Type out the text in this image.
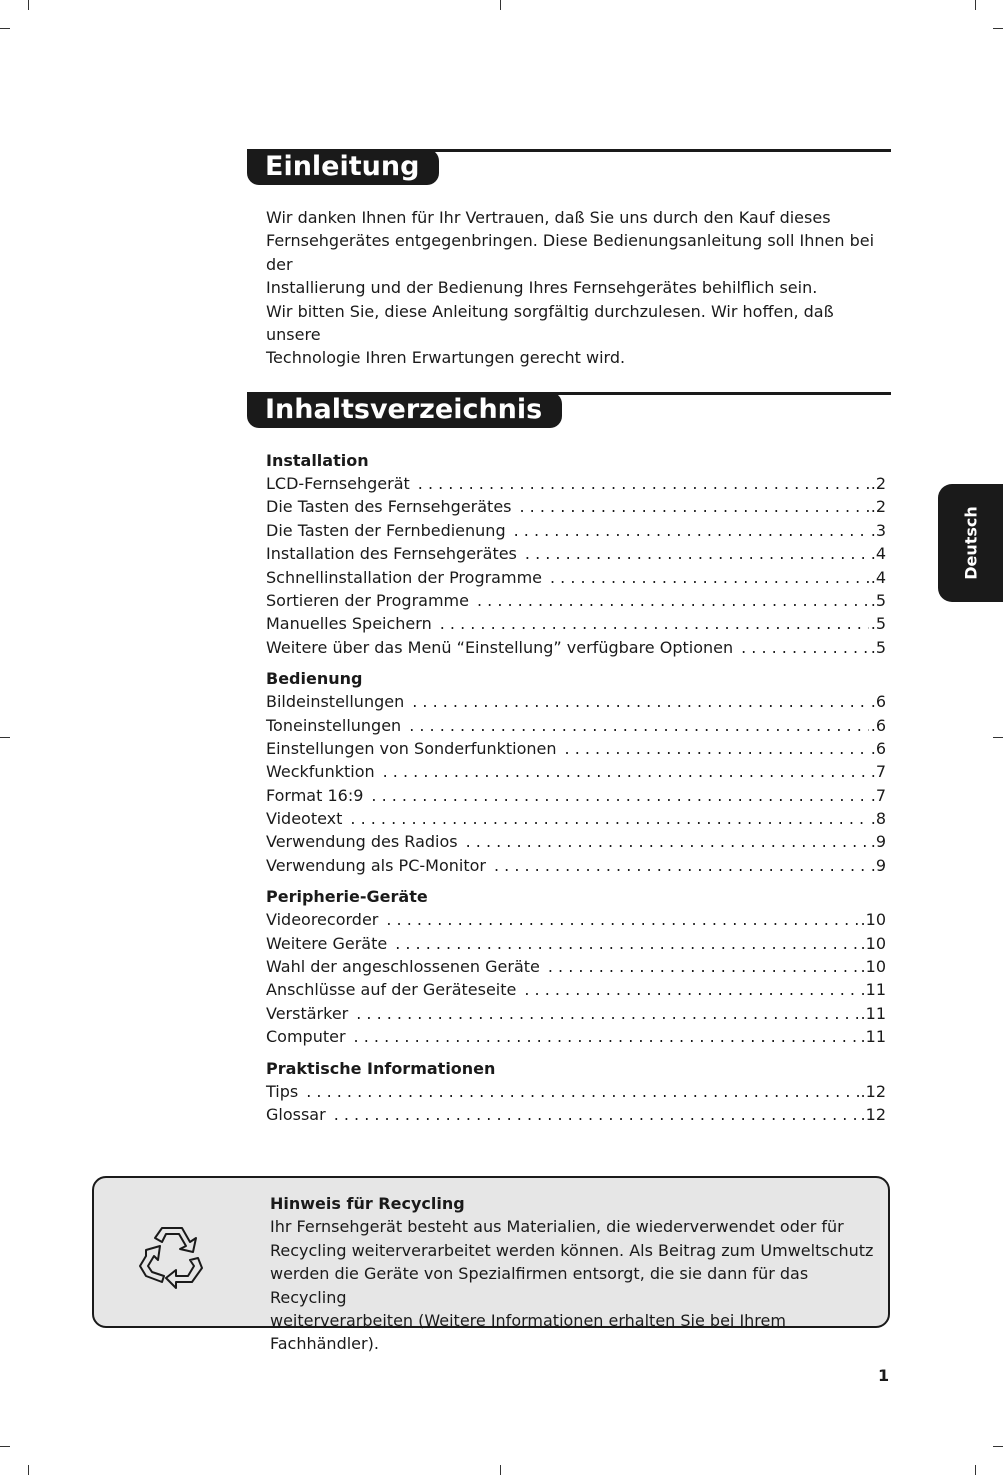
Einleitung

Wir danken Ihnen für Ihr Vertrauen, daß Sie uns durch den Kauf dieses

Fernsehgerätes entgegenbringen. Diese Bedienungsanleitung soll Ihnen bei der

Installierung und der Bedienung Ihres Fernsehgerätes behilflich sein.

Wir bitten Sie, diese Anleitung sorgfältig durchzulesen. Wir hoffen, daß unsere

Technologie Ihren Erwartungen gerecht wird.

Inhaltsverzeichnis
Installation
LCD-Fernsehgerät . . .	.2
Die Tasten des Fernsehgerätes . . .	.2
Die Tasten der Fernbedienung . . .	.3
Installation des Fernsehgerätes . . .	.4
Schnellinstallation der Programme . . .	.4
Sortieren der Programme . . .	.5
Manuelles Speichern . . .	.5
Weitere über das Menü “Einstellung” verfügbare Optionen . . .	.5
Bedienung
Bildeinstellungen . . .	.6
Toneinstellungen . . .	.6
Einstellungen von Sonderfunktionen . . .	.6
Weckfunktion . . .	.7
Format 16:9 . . .	.7
Videotext . . .	.8
Verwendung des Radios . . .	.9
Verwendung als PC-Monitor . . .	.9
Peripherie-Geräte
Videorecorder . . .	.10
Weitere Geräte . . .	.10
Wahl der angeschlossenen Geräte . . .	.10
Anschlüsse auf der Geräteseite . . .	.11
Verstärker . . .	.11
Computer . . .	.11
Praktische Informationen
Tips . . .	.12
Glossar . . .	.12
Deutsch
Hinweis für Recycling

Ihr Fernsehgerät besteht aus Materialien, die wiederverwendet oder für

Recycling weiterverarbeitet werden können. Als Beitrag zum Umweltschutz

werden die Geräte von Spezialfirmen entsorgt, die sie dann für das Recycling

weiterverarbeiten (Weitere Informationen erhalten Sie bei Ihrem Fachhändler).

1
